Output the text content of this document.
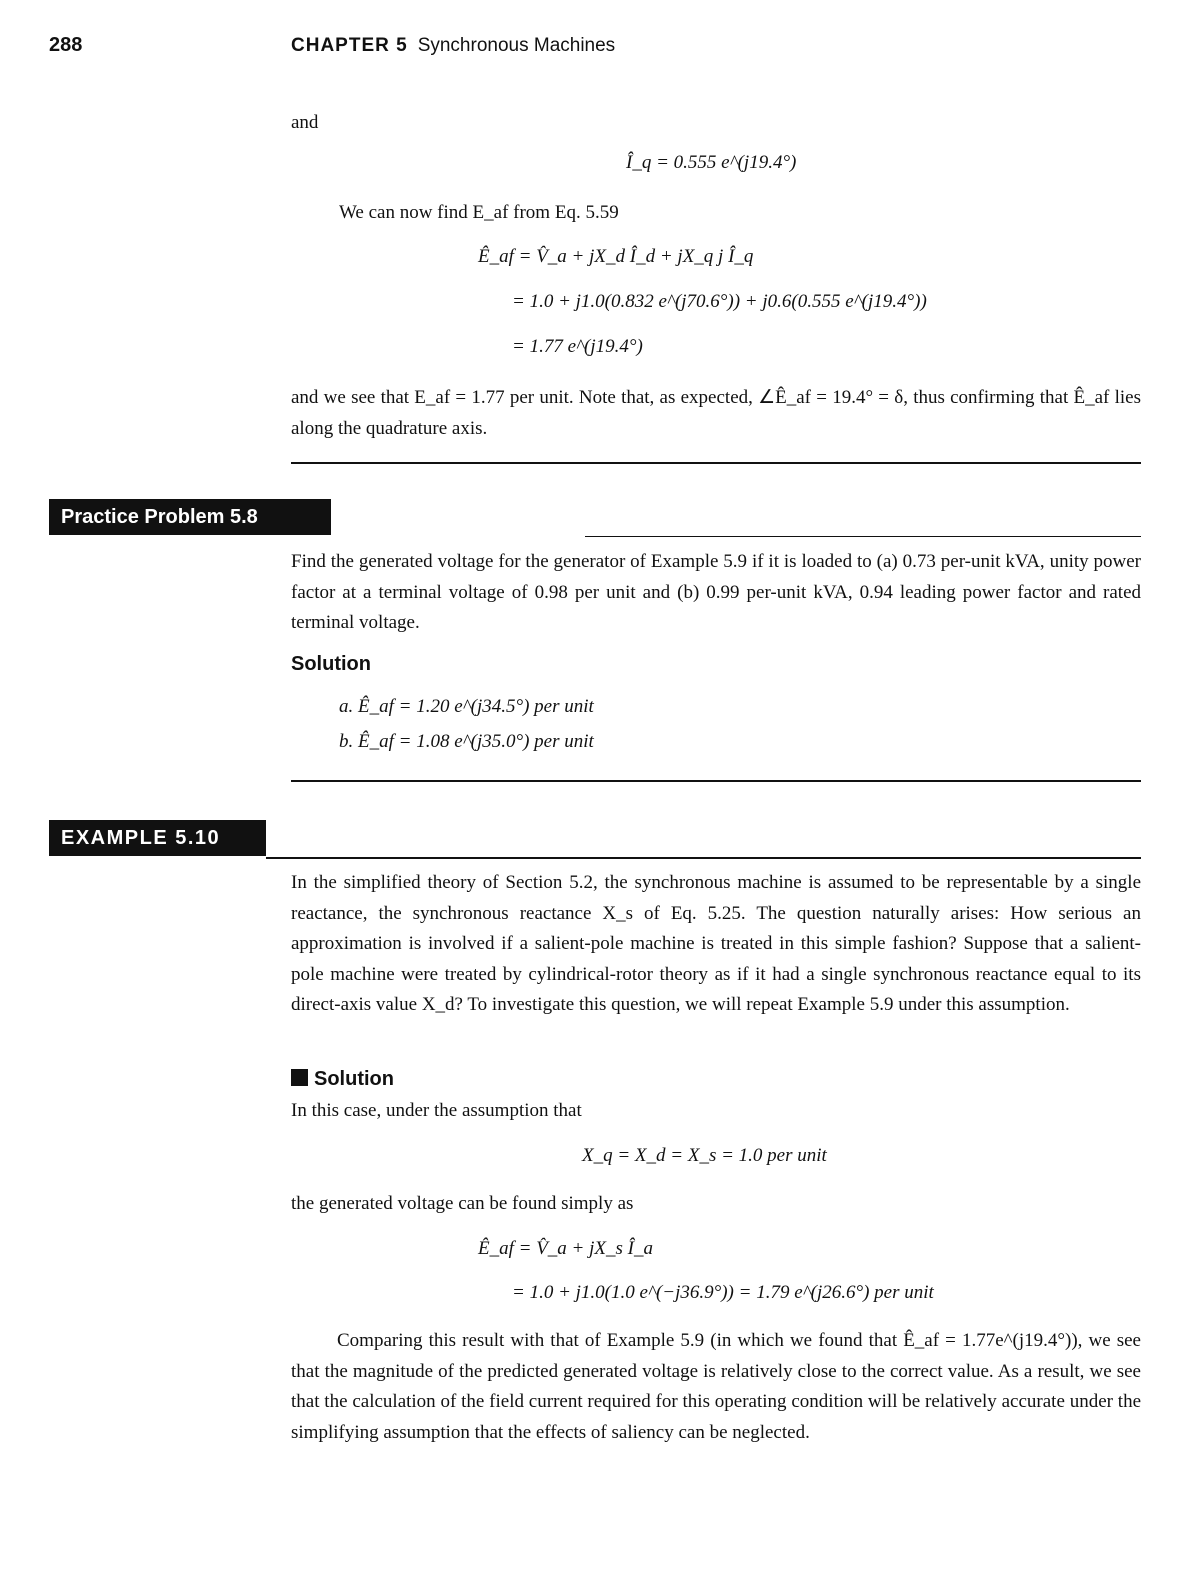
288	CHAPTER 5 Synchronous Machines
and
Î_q = 0.555 e^(j19.4°)
We can now find E_af from Eq. 5.59
Ê_af = V̂_a + jX_d Î_d + jX_q j Î_q
= 1.0 + j1.0(0.832 e^(j70.6°)) + j0.6(0.555 e^(j19.4°))
= 1.77 e^(j19.4°)
and we see that E_af = 1.77 per unit. Note that, as expected, ∠Ê_af = 19.4° = δ, thus confirming that Ê_af lies along the quadrature axis.
Practice Problem 5.8
Find the generated voltage for the generator of Example 5.9 if it is loaded to (a) 0.73 per-unit kVA, unity power factor at a terminal voltage of 0.98 per unit and (b) 0.99 per-unit kVA, 0.94 leading power factor and rated terminal voltage.
Solution
a. Ê_af = 1.20 e^(j34.5°) per unit
b. Ê_af = 1.08 e^(j35.0°) per unit
EXAMPLE 5.10
In the simplified theory of Section 5.2, the synchronous machine is assumed to be representable by a single reactance, the synchronous reactance X_s of Eq. 5.25. The question naturally arises: How serious an approximation is involved if a salient-pole machine is treated in this simple fashion? Suppose that a salient-pole machine were treated by cylindrical-rotor theory as if it had a single synchronous reactance equal to its direct-axis value X_d? To investigate this question, we will repeat Example 5.9 under this assumption.
Solution
In this case, under the assumption that
X_q = X_d = X_s = 1.0 per unit
the generated voltage can be found simply as
Ê_af = V̂_a + jX_s Î_a
= 1.0 + j1.0(1.0 e^(−j36.9°)) = 1.79 e^(j26.6°) per unit
Comparing this result with that of Example 5.9 (in which we found that Ê_af = 1.77e^(j19.4°)), we see that the magnitude of the predicted generated voltage is relatively close to the correct value. As a result, we see that the calculation of the field current required for this operating condition will be relatively accurate under the simplifying assumption that the effects of saliency can be neglected.
